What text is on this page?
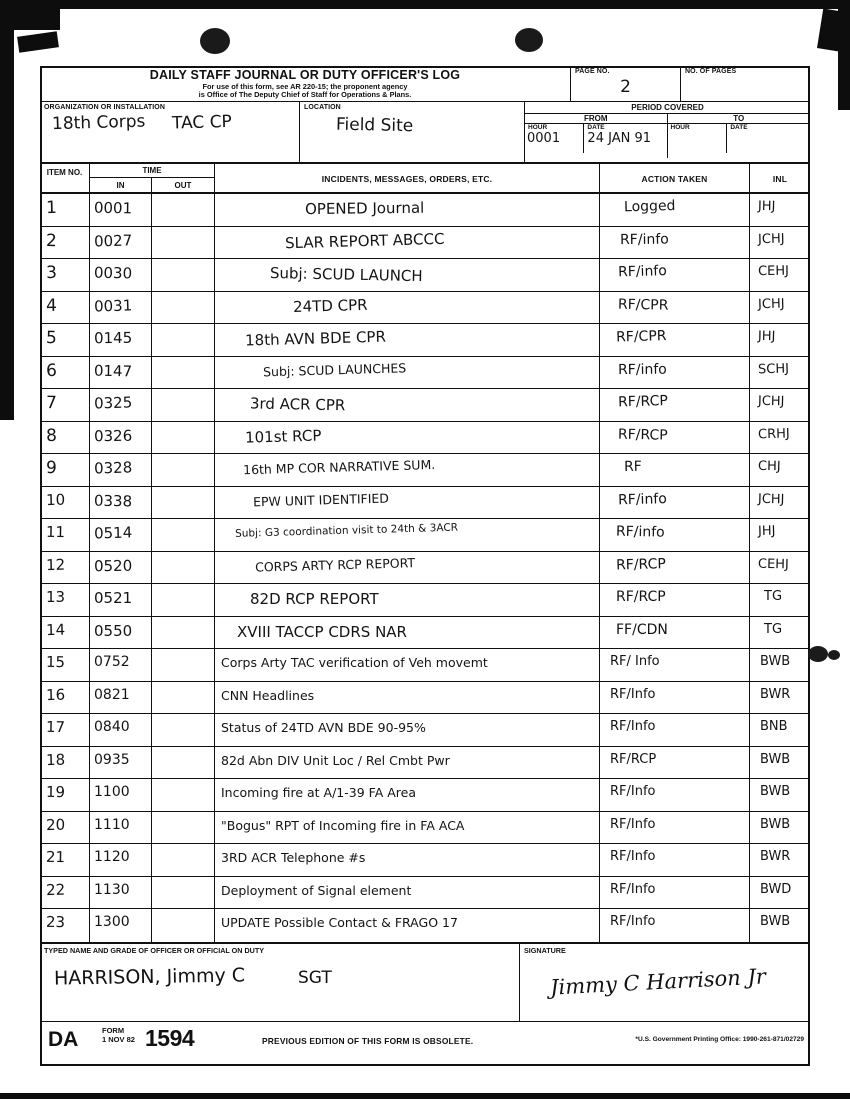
DAILY STAFF JOURNAL OR DUTY OFFICER'S LOG
For use of this form, see AR 220-15; the proponent agency
is Office of The Deputy Chief of Staff for Operations & Plans.
PAGE NO.
2
NO. OF PAGES
ORGANIZATION OR INSTALLATION
18th Corps TAC CP
LOCATION
Field Site
PERIOD COVERED
FROM
HOUR
0001
DATE
24 JAN 91
TO
HOUR	DATE
ITEM NO.	TIME
IN	OUT
INCIDENTS, MESSAGES, ORDERS, ETC.	ACTION TAKEN	INL
1	0001	OPENED Journal	Logged	JHJ
2	0027	SLAR REPORT ABCCC	RF/info	JCHJ
3	0030	Subj: SCUD LAUNCH	RF/info	CEHJ
4	0031	24TD CPR	RF/CPR	JCHJ
5	0145	18th AVN BDE CPR	RF/CPR	JHJ
6	0147	Subj: SCUD LAUNCHES	RF/info	SCHJ
7	0325	3rd ACR CPR	RF/RCP	JCHJ
8	0326	101st RCP	RF/RCP	CRHJ
9	0328	16th MP COR NARRATIVE SUM.	RF	CHJ
10	0338	EPW UNIT IDENTIFIED	RF/info	JCHJ
11	0514	Subj: G3 coordination visit to 24th & 3ACR	RF/info	JHJ
12	0520	CORPS ARTY RCP REPORT	RF/RCP	CEHJ
13	0521	82D RCP REPORT	RF/RCP	TG
14	0550	XVIII TACCP CDRS NAR	FF/CDN	TG
15	0752	Corps Arty TAC verification of Veh movemt	RF/ Info	BWB
16	0821	CNN Headlines	RF/Info	BWR
17	0840	Status of 24TD AVN BDE 90-95%	RF/Info	BNB
18	0935	82d Abn DIV Unit Loc / Rel Cmbt Pwr	RF/RCP	BWB
19	1100	Incoming fire at A/1-39 FA Area	RF/Info	BWB
20	1110	"Bogus" RPT of Incoming fire in FA ACA	RF/Info	BWB
21	1120	3RD ACR Telephone #s	RF/Info	BWR
22	1130	Deployment of Signal element	RF/Info	BWD
23	1300	UPDATE Possible Contact & FRAGO 17	RF/Info	BWB
TYPED NAME AND GRADE OF OFFICER OR OFFICIAL ON DUTY
HARRISON, Jimmy C	SGT
SIGNATURE
Jimmy C Harrison Jr
DA	FORM
1 NOV 82 1594	PREVIOUS EDITION OF THIS FORM IS OBSOLETE.	*U.S. Government Printing Office: 1990-261-871/02729
